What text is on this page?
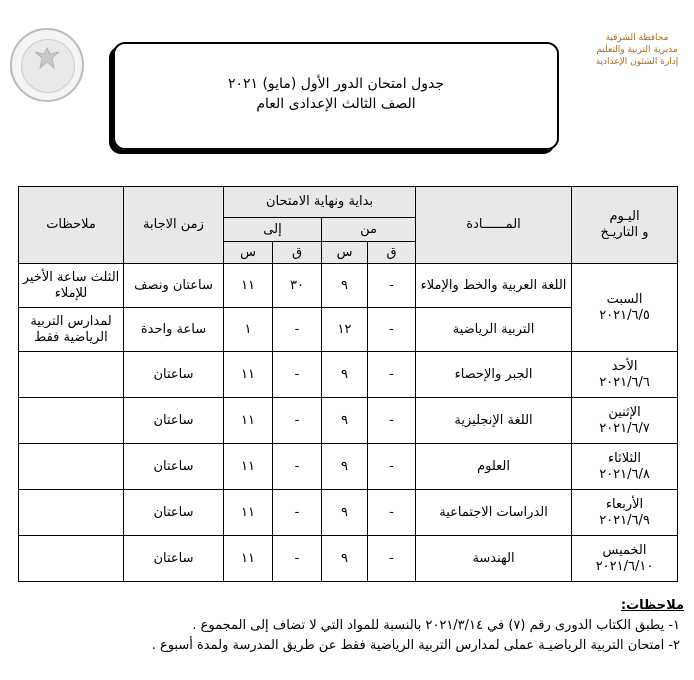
محافظة الشرقية
مديرية التربية والتعليم
إدارة الشئون الإعدادية
جدول امتحان الدور الأول (مايو) ٢٠٢١
الصف الثالث الإعدادى العام
اليـوم
و التاريـخ	المــــــادة	بداية ونهاية الامتحان				زمن الاجابة	ملاحظات
		من		إلى			
		ق	س	ق	س		
السبت
٢٠٢١/٦/٥	اللغة العربية والخط والإملاء	-	٩	٣٠	١١	ساعتان ونصف	الثلث ساعة الأخير للإملاء
	التربية الرياضية	-	١٢	-	١	ساعة واحدة	لمدارس التربية الرياضية فقط
الأحد
٢٠٢١/٦/٦	الجبر والإحصاء	-	٩	-	١١	ساعتان	
الإثنين
٢٠٢١/٦/٧	اللغة الإنجليزية	-	٩	-	١١	ساعتان	
الثلاثاء
٢٠٢١/٦/٨	العلوم	-	٩	-	١١	ساعتان	
الأربعاء
٢٠٢١/٦/٩	الدراسات الاجتماعية	-	٩	-	١١	ساعتان	
الخميس
٢٠٢١/٦/١٠	الهندسة	-	٩	-	١١	ساعتان	
ملاحظات:
١- يطبق الكتاب الدورى رقم (٧) في ٢٠٢١/٣/١٤ بالنسبة للمواد التي لا تضاف إلى المجموع .
٢- امتحان التربية الرياضيـة عملى لمدارس التربية الرياضية فقط عن طريق المدرسة ولمدة أسبوع .
